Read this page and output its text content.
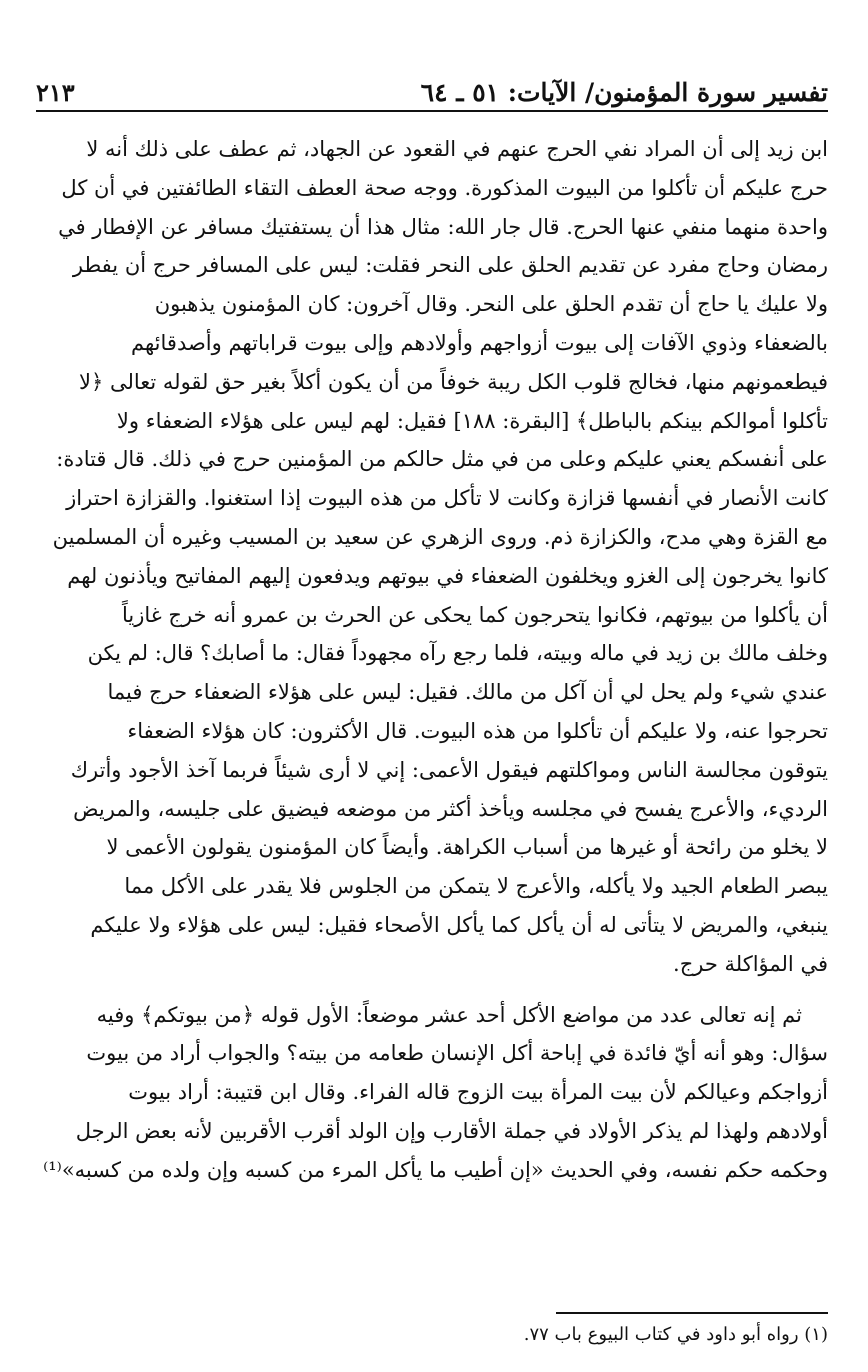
تفسير سورة المؤمنون/ الآيات: ٥١ ـ ٦٤
٢١٣

ابن زيد إلى أن المراد نفي الحرج عنهم في القعود عن الجهاد، ثم عطف على ذلك أنه لا
حرج عليكم أن تأكلوا من البيوت المذكورة. ووجه صحة العطف التقاء الطائفتين في أن كل
واحدة منهما منفي عنها الحرج. قال جار الله: مثال هذا أن يستفتيك مسافر عن الإفطار في
رمضان وحاج مفرد عن تقديم الحلق على النحر فقلت: ليس على المسافر حرج أن يفطر
ولا عليك يا حاج أن تقدم الحلق على النحر. وقال آخرون: كان المؤمنون يذهبون
بالضعفاء وذوي الآفات إلى بيوت أزواجهم وأولادهم وإلى بيوت قراباتهم وأصدقائهم
فيطعمونهم منها، فخالج قلوب الكل ريبة خوفاً من أن يكون أكلاً بغير حق لقوله تعالى ﴿لا
تأكلوا أموالكم بينكم بالباطل﴾ [البقرة: ١٨٨] فقيل: لهم ليس على هؤلاء الضعفاء ولا
على أنفسكم يعني عليكم وعلى من في مثل حالكم من المؤمنين حرج في ذلك. قال قتادة:
كانت الأنصار في أنفسها قزازة وكانت لا تأكل من هذه البيوت إذا استغنوا. والقزازة احتراز
مع القزة وهي مدح، والكزازة ذم. وروى الزهري عن سعيد بن المسيب وغيره أن المسلمين
كانوا يخرجون إلى الغزو ويخلفون الضعفاء في بيوتهم ويدفعون إليهم المفاتيح ويأذنون لهم
أن يأكلوا من بيوتهم، فكانوا يتحرجون كما يحكى عن الحرث بن عمرو أنه خرج غازياً
وخلف مالك بن زيد في ماله وبيته، فلما رجع رآه مجهوداً فقال: ما أصابك؟ قال: لم يكن
عندي شيء ولم يحل لي أن آكل من مالك. فقيل: ليس على هؤلاء الضعفاء حرج فيما
تحرجوا عنه، ولا عليكم أن تأكلوا من هذه البيوت. قال الأكثرون: كان هؤلاء الضعفاء
يتوقون مجالسة الناس ومواكلتهم فيقول الأعمى: إني لا أرى شيئاً فربما آخذ الأجود وأترك
الرديء، والأعرج يفسح في مجلسه ويأخذ أكثر من موضعه فيضيق على جليسه، والمريض
لا يخلو من رائحة أو غيرها من أسباب الكراهة. وأيضاً كان المؤمنون يقولون الأعمى لا
يبصر الطعام الجيد ولا يأكله، والأعرج لا يتمكن من الجلوس فلا يقدر على الأكل مما
ينبغي، والمريض لا يتأتى له أن يأكل كما يأكل الأصحاء فقيل: ليس على هؤلاء ولا عليكم
في المؤاكلة حرج.

ثم إنه تعالى عدد من مواضع الأكل أحد عشر موضعاً: الأول قوله ﴿من بيوتكم﴾ وفيه
سؤال: وهو أنه أيّ فائدة في إباحة أكل الإنسان طعامه من بيته؟ والجواب أراد من بيوت
أزواجكم وعيالكم لأن بيت المرأة بيت الزوج قاله الفراء. وقال ابن قتيبة: أراد بيوت
أولادهم ولهذا لم يذكر الأولاد في جملة الأقارب وإن الولد أقرب الأقربين لأنه بعض الرجل
وحكمه حكم نفسه، وفي الحديث «إن أطيب ما يأكل المرء من كسبه وإن ولده من كسبه»⁽¹⁾

(١) رواه أبو داود في كتاب البيوع باب ٧٧.
